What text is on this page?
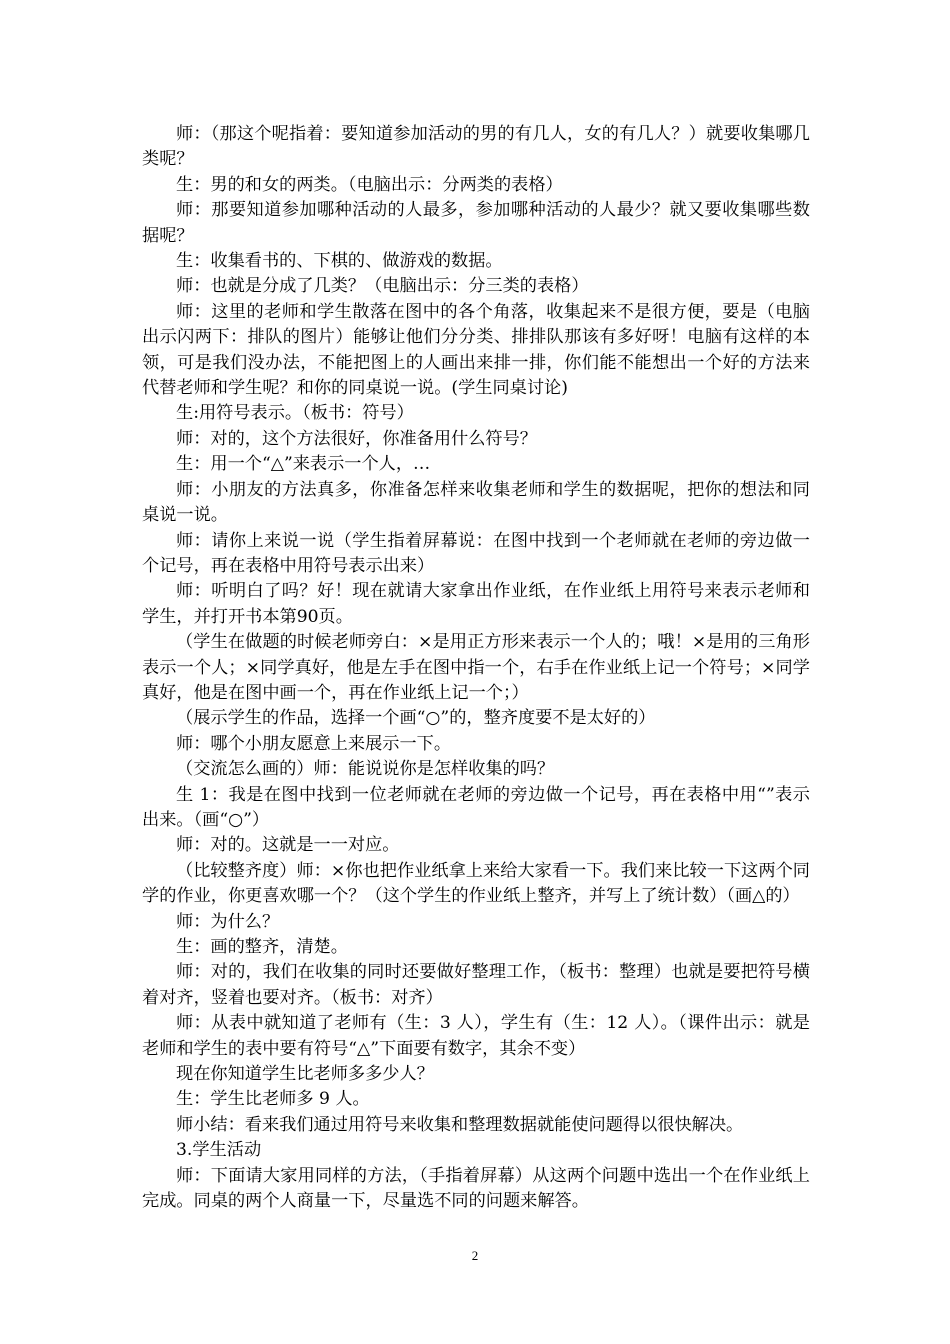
师：（那这个呢指着：要知道参加活动的男的有几人，女的有几人？）就要收集哪几类呢？

生：男的和女的两类。（电脑出示：分两类的表格）

师：那要知道参加哪种活动的人最多，参加哪种活动的人最少？就又要收集哪些数据呢？

生：收集看书的、下棋的、做游戏的数据。

师：也就是分成了几类？（电脑出示：分三类的表格）

师：这里的老师和学生散落在图中的各个角落，收集起来不是很方便，要是（电脑出示闪两下：排队的图片）能够让他们分分类、排排队那该有多好呀！电脑有这样的本领，可是我们没办法，不能把图上的人画出来排一排，你们能不能想出一个好的方法来代替老师和学生呢？和你的同桌说一说。(学生同桌讨论)

生:用符号表示。（板书：符号）

师：对的，这个方法很好，你准备用什么符号？

生：用一个“△”来表示一个人，…

师：小朋友的方法真多，你准备怎样来收集老师和学生的数据呢，把你的想法和同桌说一说。

师：请你上来说一说（学生指着屏幕说：在图中找到一个老师就在老师的旁边做一个记号，再在表格中用符号表示出来）

师：听明白了吗？好！现在就请大家拿出作业纸，在作业纸上用符号来表示老师和学生，并打开书本第90页。

（学生在做题的时候老师旁白：×是用正方形来表示一个人的；哦！×是用的三角形表示一个人；×同学真好，他是左手在图中指一个，右手在作业纸上记一个符号；×同学真好，他是在图中画一个，再在作业纸上记一个；）

（展示学生的作品，选择一个画“○”的，整齐度要不是太好的）

师：哪个小朋友愿意上来展示一下。

（交流怎么画的）师：能说说你是怎样收集的吗？

生 1：我是在图中找到一位老师就在老师的旁边做一个记号，再在表格中用“”表示出来。（画“○”）

师：对的。这就是一一对应。

（比较整齐度）师：×你也把作业纸拿上来给大家看一下。我们来比较一下这两个同学的作业，你更喜欢哪一个？（这个学生的作业纸上整齐，并写上了统计数）（画△的）

师：为什么？

生：画的整齐，清楚。

师：对的，我们在收集的同时还要做好整理工作，（板书：整理）也就是要把符号横着对齐，竖着也要对齐。（板书：对齐）

师：从表中就知道了老师有（生：3 人），学生有（生：12 人）。（课件出示：就是老师和学生的表中要有符号“△”下面要有数字，其余不变）

现在你知道学生比老师多多少人？

生：学生比老师多 9 人。

师小结：看来我们通过用符号来收集和整理数据就能使问题得以很快解决。

3.学生活动

师：下面请大家用同样的方法，（手指着屏幕）从这两个问题中选出一个在作业纸上完成。同桌的两个人商量一下，尽量选不同的问题来解答。

2
